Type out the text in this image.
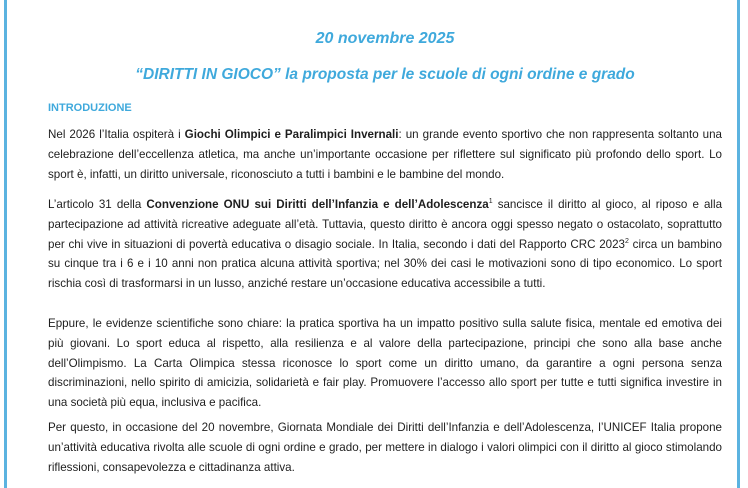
20 novembre 2025
“DIRITTI IN GIOCO” la proposta per le scuole di ogni ordine e grado
INTRODUZIONE
Nel 2026 l’Italia ospiterà i Giochi Olimpici e Paralimpici Invernali: un grande evento sportivo che non rappresenta soltanto una celebrazione dell’eccellenza atletica, ma anche un’importante occasione per riflettere sul significato più profondo dello sport. Lo sport è, infatti, un diritto universale, riconosciuto a tutti i bambini e le bambine del mondo.
L’articolo 31 della Convenzione ONU sui Diritti dell’Infanzia e dell’Adolescenza$^1$ sancisce il diritto al gioco, al riposo e alla partecipazione ad attività ricreative adeguate all’età. Tuttavia, questo diritto è ancora oggi spesso negato o ostacolato, soprattutto per chi vive in situazioni di povertà educativa o disagio sociale. In Italia, secondo i dati del Rapporto CRC 2023$^2$ circa un bambino su cinque tra i 6 e i 10 anni non pratica alcuna attività sportiva; nel 30% dei casi le motivazioni sono di tipo economico. Lo sport rischia così di trasformarsi in un lusso, anziché restare un’occasione educativa accessibile a tutti.
Eppure, le evidenze scientifiche sono chiare: la pratica sportiva ha un impatto positivo sulla salute fisica, mentale ed emotiva dei più giovani. Lo sport educa al rispetto, alla resilienza e al valore della partecipazione, principi che sono alla base anche dell’Olimpismo. La Carta Olimpica stessa riconosce lo sport come un diritto umano, da garantire a ogni persona senza discriminazioni, nello spirito di amicizia, solidarietà e fair play. Promuovere l’accesso allo sport per tutte e tutti significa investire in una società più equa, inclusiva e pacifica.
Per questo, in occasione del 20 novembre, Giornata Mondiale dei Diritti dell’Infanzia e dell’Adolescenza, l’UNICEF Italia propone un’attività educativa rivolta alle scuole di ogni ordine e grado, per mettere in dialogo i valori olimpici con il diritto al gioco stimolando riflessioni, consapevolezza e cittadinanza attiva.
